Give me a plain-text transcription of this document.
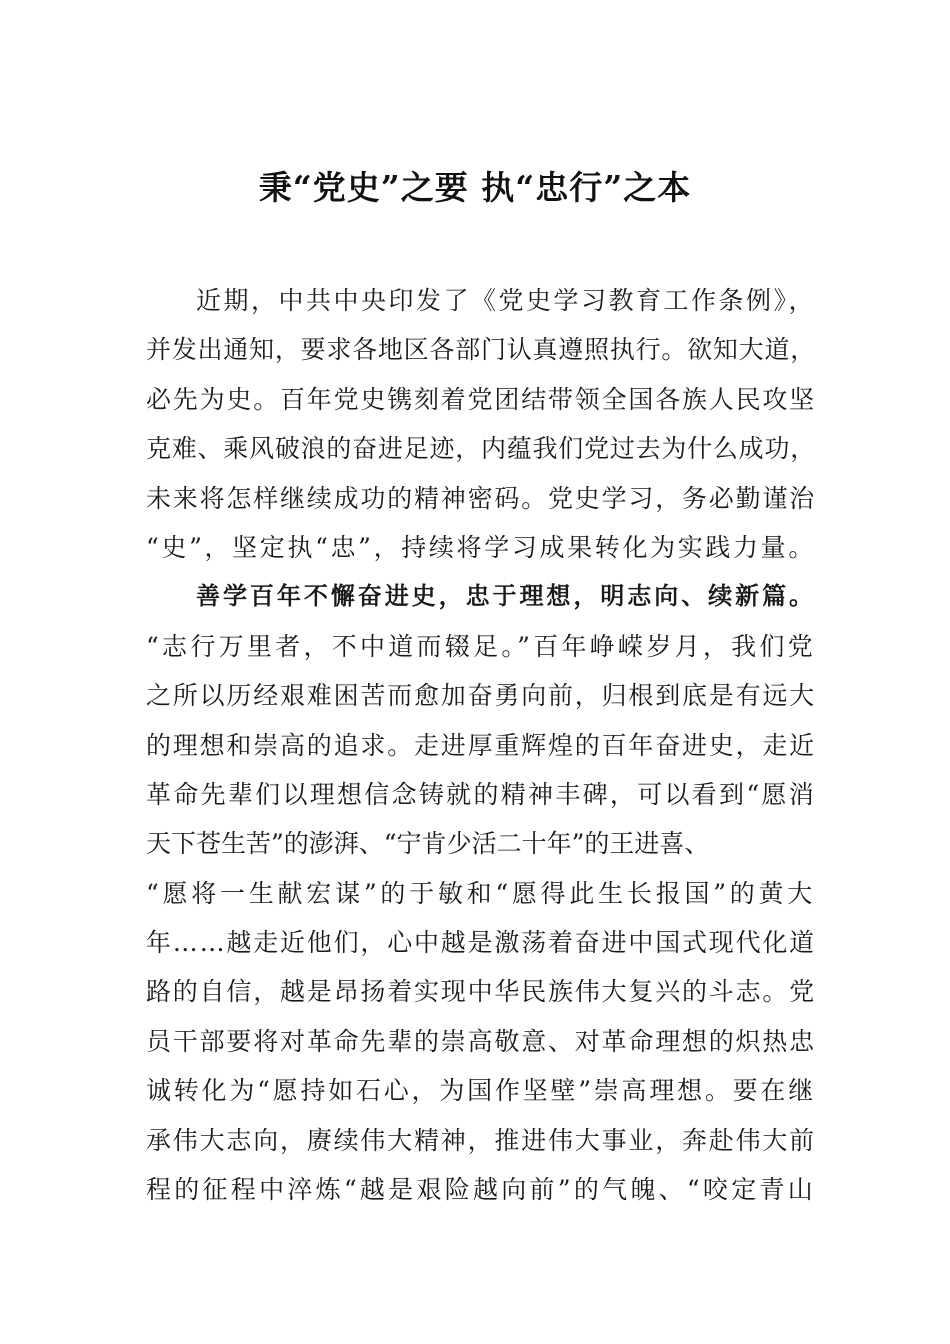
秉“党史”之要 执“忠行”之本
近期，中共中央印发了《党史学习教育工作条例》，
并发出通知，要求各地区各部门认真遵照执行。欲知大道，
必先为史。百年党史镌刻着党团结带领全国各族人民攻坚
克难、乘风破浪的奋进足迹，内蕴我们党过去为什么成功，
未来将怎样继续成功的精神密码。党史学习，务必勤谨治
“史”，坚定执“忠”，持续将学习成果转化为实践力量。
善学百年不懈奋进史，忠于理想，明志向、续新篇。
“志行万里者，不中道而辍足。”百年峥嵘岁月，我们党
之所以历经艰难困苦而愈加奋勇向前，归根到底是有远大
的理想和崇高的追求。走进厚重辉煌的百年奋进史，走近
革命先辈们以理想信念铸就的精神丰碑，可以看到“愿消
天下苍生苦”的澎湃、“宁肯少活二十年”的王进喜、
“愿将一生献宏谋”的于敏和“愿得此生长报国”的黄大
年……越走近他们，心中越是激荡着奋进中国式现代化道
路的自信，越是昂扬着实现中华民族伟大复兴的斗志。党
员干部要将对革命先辈的崇高敬意、对革命理想的炽热忠
诚转化为“愿持如石心，为国作坚壁”崇高理想。要在继
承伟大志向，赓续伟大精神，推进伟大事业，奔赴伟大前
程的征程中淬炼“越是艰险越向前”的气魄、“咬定青山
